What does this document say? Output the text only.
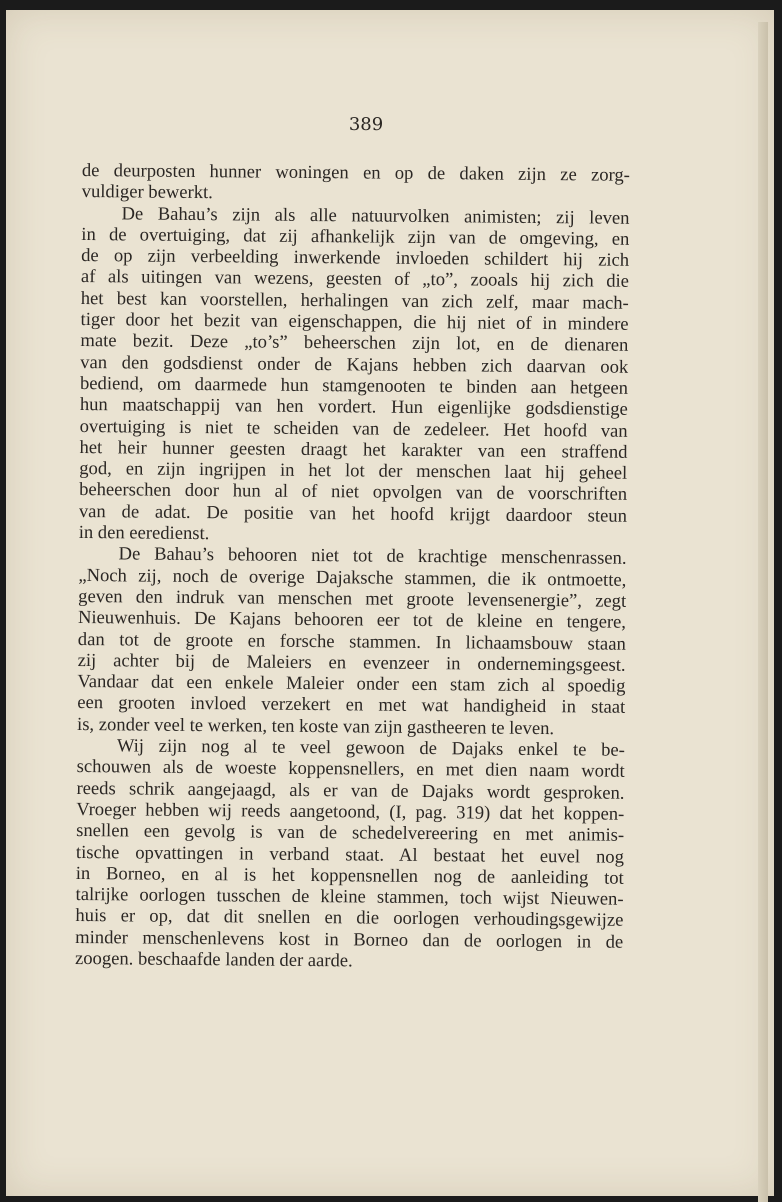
389

de deurposten hunner woningen en op de daken zijn ze zorg-
vuldiger bewerkt.

De Bahau’s zijn als alle natuurvolken animisten; zij leven
in de overtuiging, dat zij afhankelijk zijn van de omgeving, en
de op zijn verbeelding inwerkende invloeden schildert hij zich
af als uitingen van wezens, geesten of „to”, zooals hij zich die
het best kan voorstellen, herhalingen van zich zelf, maar mach-
tiger door het bezit van eigenschappen, die hij niet of in mindere
mate bezit. Deze „to’s” beheerschen zijn lot, en de dienaren
van den godsdienst onder de Kajans hebben zich daarvan ook
bediend, om daarmede hun stamgenooten te binden aan hetgeen
hun maatschappij van hen vordert. Hun eigenlijke godsdienstige
overtuiging is niet te scheiden van de zedeleer. Het hoofd van
het heir hunner geesten draagt het karakter van een straffend
god, en zijn ingrijpen in het lot der menschen laat hij geheel
beheerschen door hun al of niet opvolgen van de voorschriften
van de adat. De positie van het hoofd krijgt daardoor steun
in den eeredienst.

De Bahau’s behooren niet tot de krachtige menschenrassen.
„Noch zij, noch de overige Dajaksche stammen, die ik ontmoette,
geven den indruk van menschen met groote levensenergie”, zegt
Nieuwenhuis. De Kajans behooren eer tot de kleine en tengere,
dan tot de groote en forsche stammen. In lichaamsbouw staan
zij achter bij de Maleiers en evenzeer in ondernemingsgeest.
Vandaar dat een enkele Maleier onder een stam zich al spoedig
een grooten invloed verzekert en met wat handigheid in staat
is, zonder veel te werken, ten koste van zijn gastheeren te leven.

Wij zijn nog al te veel gewoon de Dajaks enkel te be-
schouwen als de woeste koppensnellers, en met dien naam wordt
reeds schrik aangejaagd, als er van de Dajaks wordt gesproken.
Vroeger hebben wij reeds aangetoond, (I, pag. 319) dat het koppen-
snellen een gevolg is van de schedelvereering en met animis-
tische opvattingen in verband staat. Al bestaat het euvel nog
in Borneo, en al is het koppensnellen nog de aanleiding tot
talrijke oorlogen tusschen de kleine stammen, toch wijst Nieuwen-
huis er op, dat dit snellen en die oorlogen verhoudingsgewijze
minder menschenlevens kost in Borneo dan de oorlogen in de
zoogen. beschaafde landen der aarde.
